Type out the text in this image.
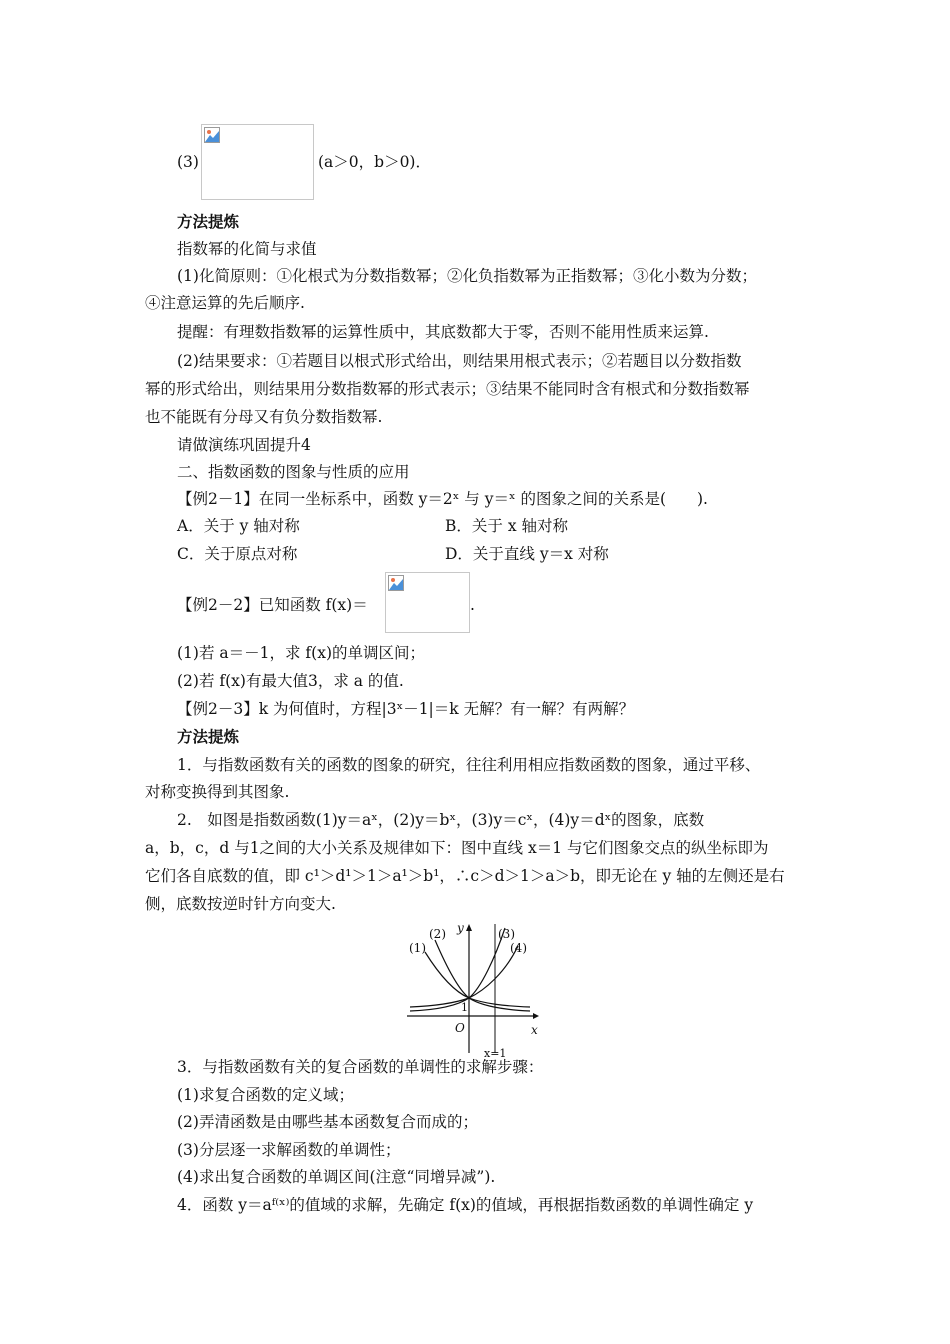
(3)	(a＞0，b＞0)．
方法提炼
指数幂的化简与求值
(1)化简原则：①化根式为分数指数幂；②化负指数幂为正指数幂；③化小数为分数；
④注意运算的先后顺序.
提醒：有理数指数幂的运算性质中，其底数都大于零，否则不能用性质来运算.
(2)结果要求：①若题目以根式形式给出，则结果用根式表示；②若题目以分数指数
幂的形式给出，则结果用分数指数幂的形式表示；③结果不能同时含有根式和分数指数幂
也不能既有分母又有负分数指数幂.
请做演练巩固提升4
二、指数函数的图象与性质的应用
【例2－1】在同一坐标系中，函数 y＝2ˣ 与 y＝ˣ 的图象之间的关系是(　　).
A．关于 y 轴对称	B．关于 x 轴对称
C．关于原点对称	D．关于直线 y＝x 对称
【例2－2】已知函数 f(x)＝	.
(1)若 a＝－1，求 f(x)的单调区间；
(2)若 f(x)有最大值3，求 a 的值.
【例2－3】k 为何值时，方程|3ˣ－1|＝k 无解？有一解？有两解？
方法提炼
1．与指数函数有关的函数的图象的研究，往往利用相应指数函数的图象，通过平移、
对称变换得到其图象.
2.　如图是指数函数(1)y＝aˣ，(2)y＝bˣ，(3)y＝cˣ，(4)y＝dˣ的图象，底数
a，b，c，d 与1之间的大小关系及规律如下：图中直线 x＝1 与它们图象交点的纵坐标即为
它们各自底数的值，即 c¹＞d¹＞1＞a¹＞b¹，∴c＞d＞1＞a＞b，即无论在 y 轴的左侧还是右
侧，底数按逆时针方向变大.
(1)
(2)	(3)
(4)
y
x
O
1
x=1
3．与指数函数有关的复合函数的单调性的求解步骤：
(1)求复合函数的定义域；
(2)弄清函数是由哪些基本函数复合而成的；
(3)分层逐一求解函数的单调性；
(4)求出复合函数的单调区间(注意“同增异减”).
4．函数 y＝aᶠ⁽ˣ⁾的值域的求解，先确定 f(x)的值域，再根据指数函数的单调性确定 y
